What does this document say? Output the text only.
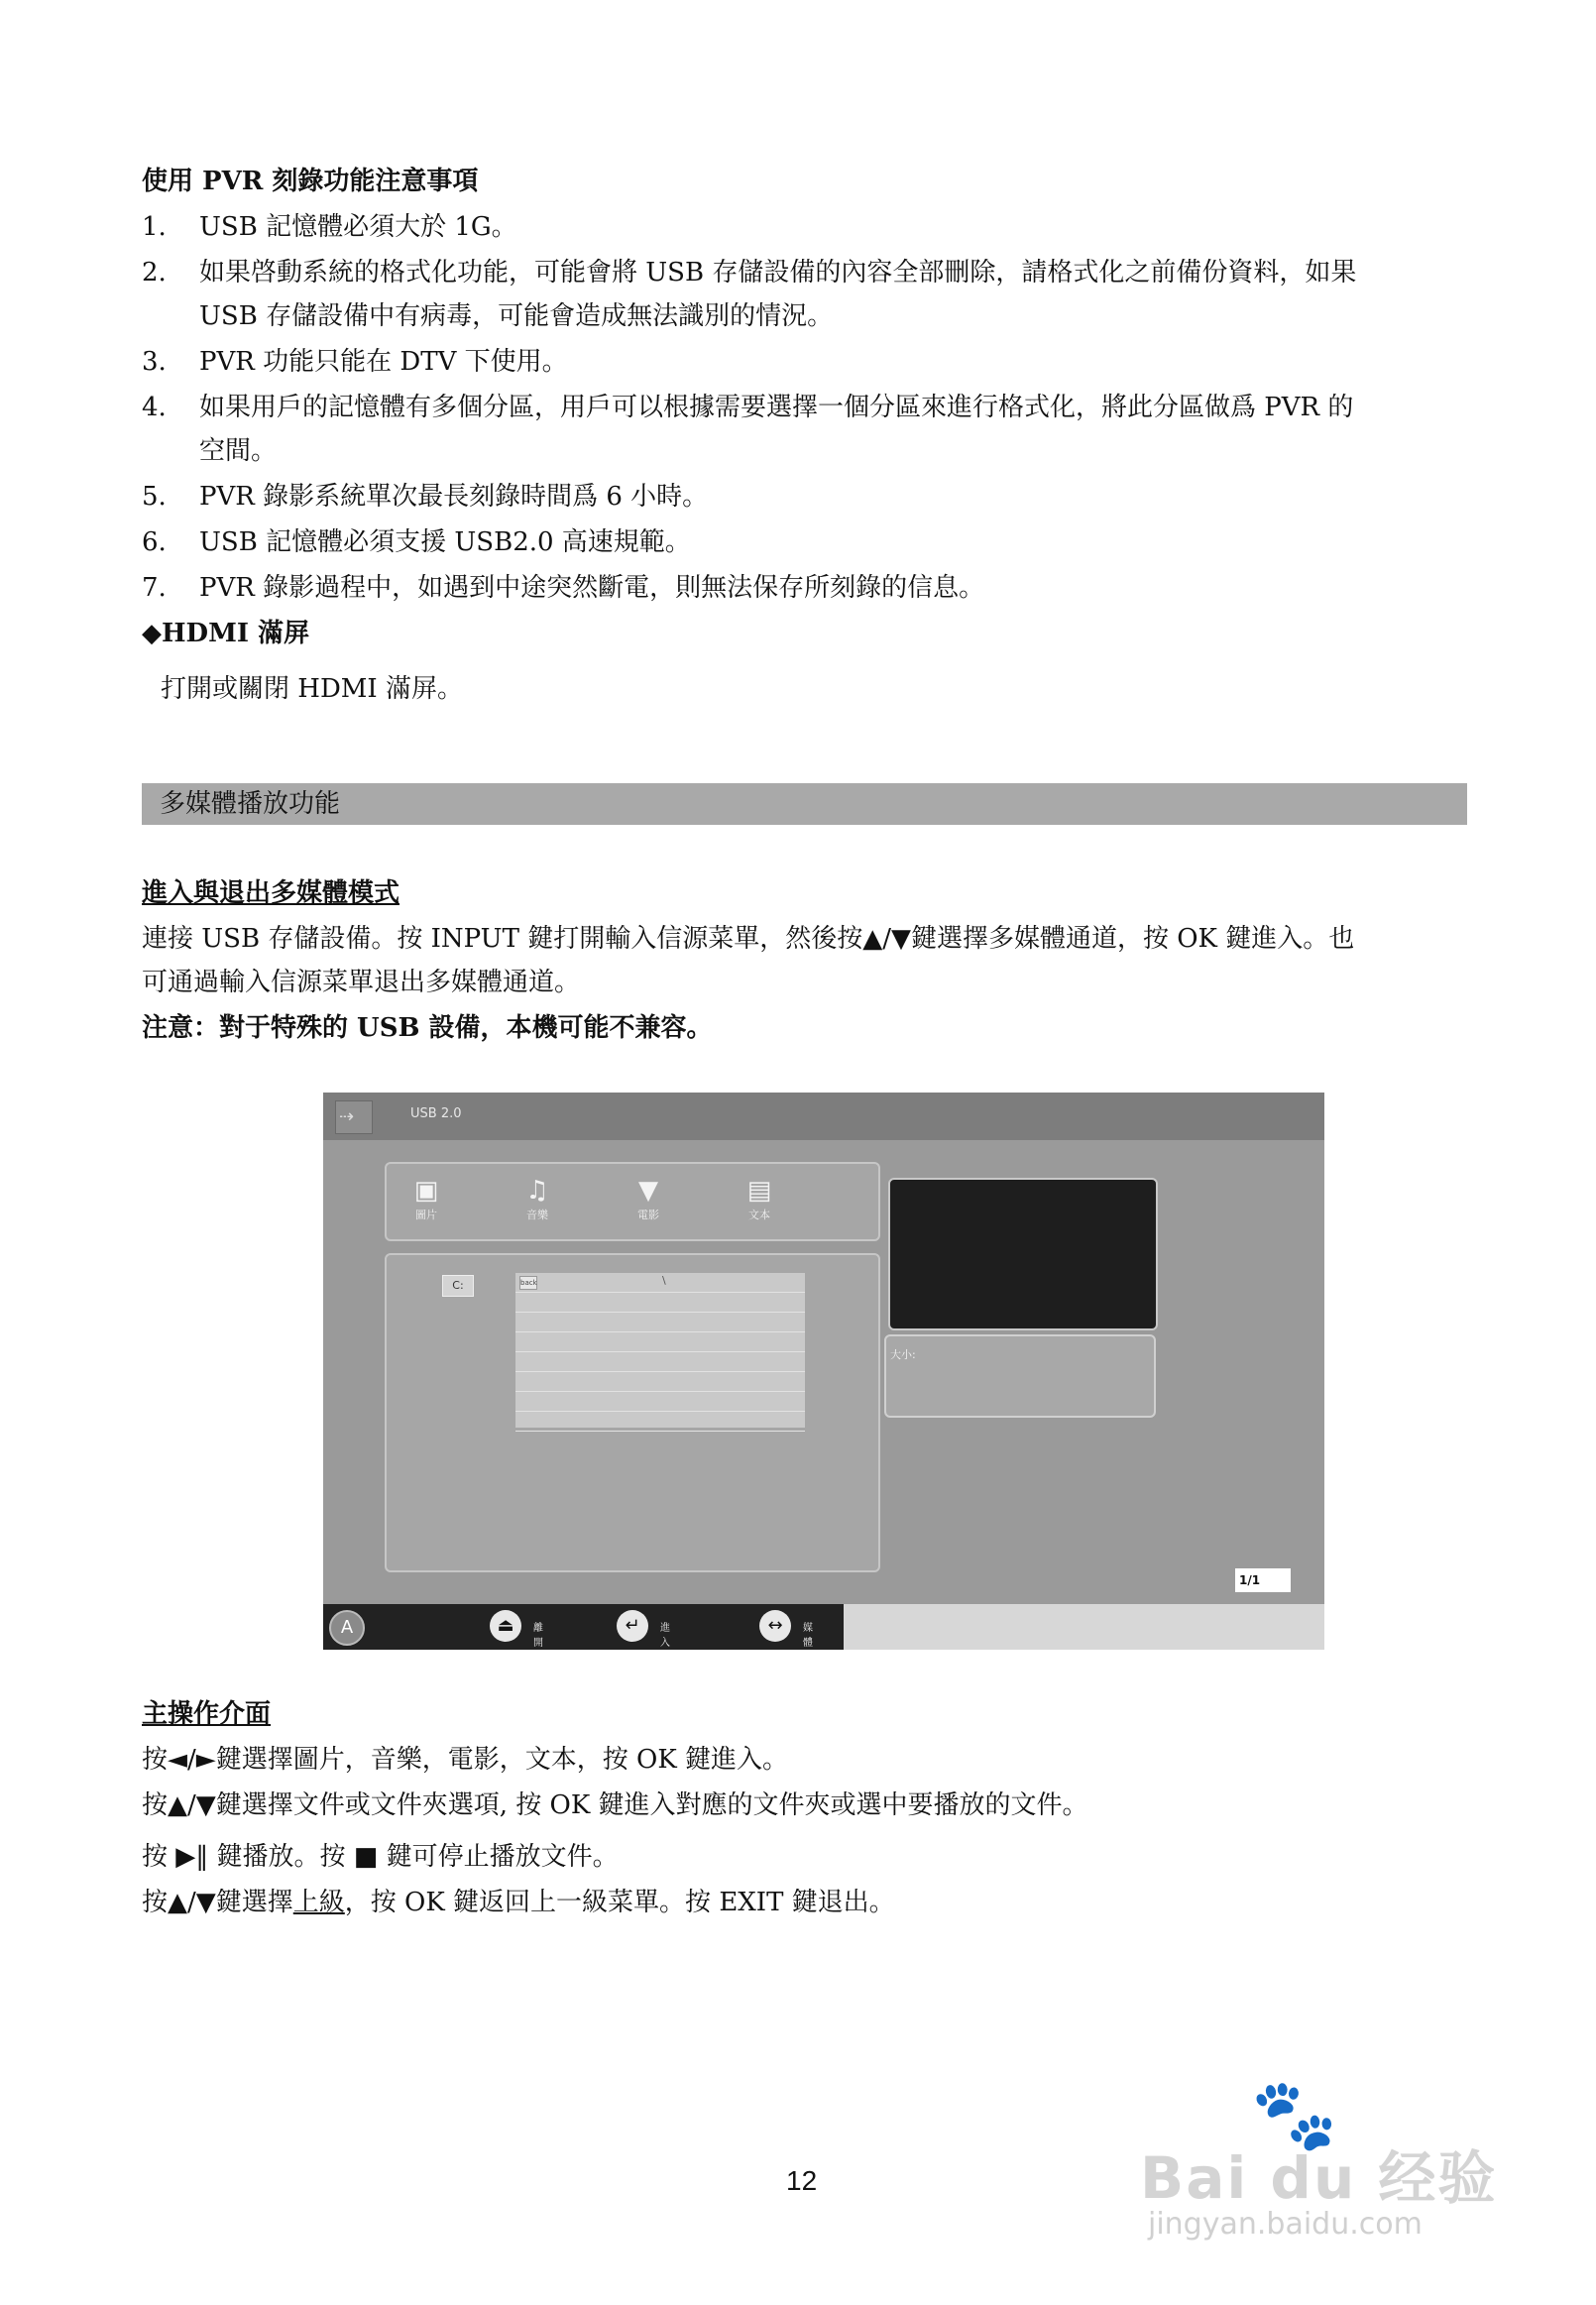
使用 PVR 刻錄功能注意事項
1. USB 記憶體必須大於 1G。
2. 如果啓動系統的格式化功能，可能會將 USB 存儲設備的內容全部刪除，請格式化之前備份資料，如果
USB 存儲設備中有病毒，可能會造成無法識別的情況。
3. PVR 功能只能在 DTV 下使用。
4. 如果用戶的記憶體有多個分區，用戶可以根據需要選擇一個分區來進行格式化，將此分區做爲 PVR 的
空間。
5. PVR 錄影系統單次最長刻錄時間爲 6 小時。
6. USB 記憶體必須支援 USB2.0 高速規範。
7. PVR 錄影過程中，如遇到中途突然斷電，則無法保存所刻錄的信息。
◆HDMI 滿屏
打開或關閉 HDMI 滿屏。
多媒體播放功能
進入與退出多媒體模式
連接 USB 存儲設備。按 INPUT 鍵打開輸入信源菜單，然後按▲/▼鍵選擇多媒體通道，按 OK 鍵進入。也
可通過輸入信源菜單退出多媒體通道。
注意：對于特殊的 USB 設備，本機可能不兼容。
⇢	USB 2.0
▣
圖片
♫
音樂
▼
電影
▤
文本
C:	back	\
大小:
1/1
A	⏏	離開
↵	進入
↔	媒體
主操作介面
按◄/►鍵選擇圖片，音樂，電影，文本，按 OK 鍵進入。
按▲/▼鍵選擇文件或文件夾選項, 按 OK 鍵進入對應的文件夾或選中要播放的文件。
按 ▶‖ 鍵播放。按 ■ 鍵可停止播放文件。
按▲/▼鍵選擇上級，按 OK 鍵返回上一級菜單。按 EXIT 鍵退出。
12
🐾
Bai du 经验
jingyan.baidu.com
